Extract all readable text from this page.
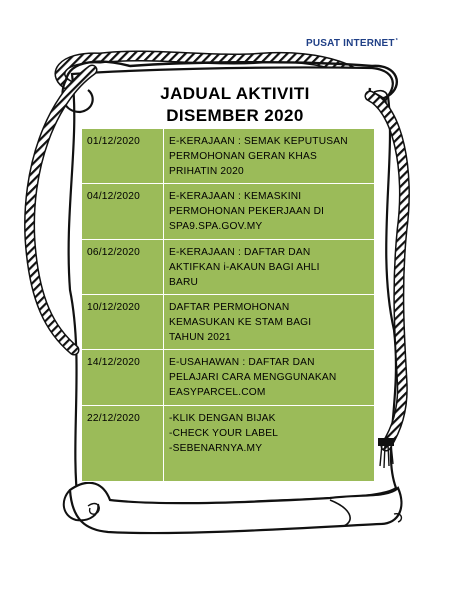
PUSAT INTERNET*
JADUAL AKTIVITI
DISEMBER 2020
01/12/2020	E-KERAJAAN : SEMAK KEPUTUSAN
PERMOHONAN GERAN KHAS
PRIHATIN 2020

04/12/2020	E-KERAJAAN : KEMASKINI
PERMOHONAN PEKERJAAN DI
SPA9.SPA.GOV.MY

06/12/2020	E-KERAJAAN : DAFTAR DAN
AKTIFKAN i-AKAUN BAGI AHLI
BARU

10/12/2020	DAFTAR PERMOHONAN
KEMASUKAN KE STAM BAGI
TAHUN 2021

14/12/2020	E-USAHAWAN : DAFTAR DAN
PELAJARI CARA MENGGUNAKAN
EASYPARCEL.COM

22/12/2020	-KLIK DENGAN BIJAK
-CHECK YOUR LABEL
-SEBENARNYA.MY
